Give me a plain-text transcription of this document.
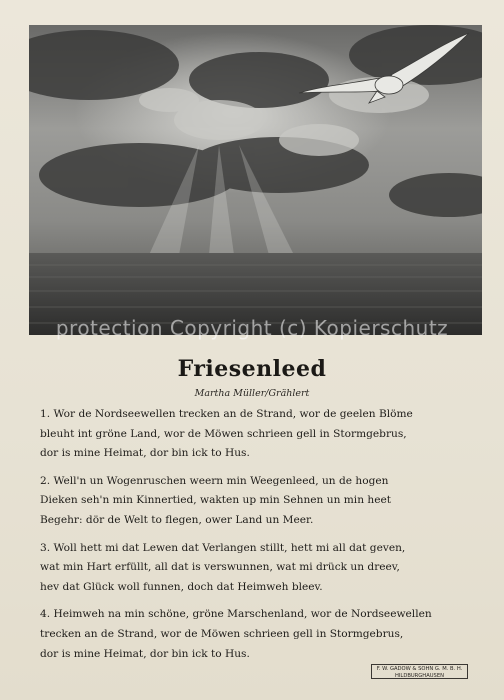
protection Copyright (c) Kopierschutz
Friesenleed
Martha Müller/Grählert
1. Wor de Nordseewellen trecken an de Strand, wor de geelen Blöme
bleuht int gröne Land, wor de Möwen schrieen gell in Stormgebrus,
dor is mine Heimat, dor bin ick to Hus.
2. Well'n un Wogenruschen weern min Weegenleed, un de hogen
Dieken seh'n min Kinnertied, wakten up min Sehnen un min heet
Begehr: dör de Welt to flegen, ower Land un Meer.
3. Woll hett mi dat Lewen dat Verlangen stillt, hett mi all dat geven,
wat min Hart erfüllt, all dat is verswunnen, wat mi drück un dreev,
hev dat Glück woll funnen, doch dat Heimweh bleev.
4. Heimweh na min schöne, gröne Marschenland, wor de Nordseewellen
trecken an de Strand, wor de Möwen schrieen gell in Stormgebrus,
dor is mine Heimat, dor bin ick to Hus.
F. W. GADOW & SOHN G. M. B. H.
HILDBURGHAUSEN
